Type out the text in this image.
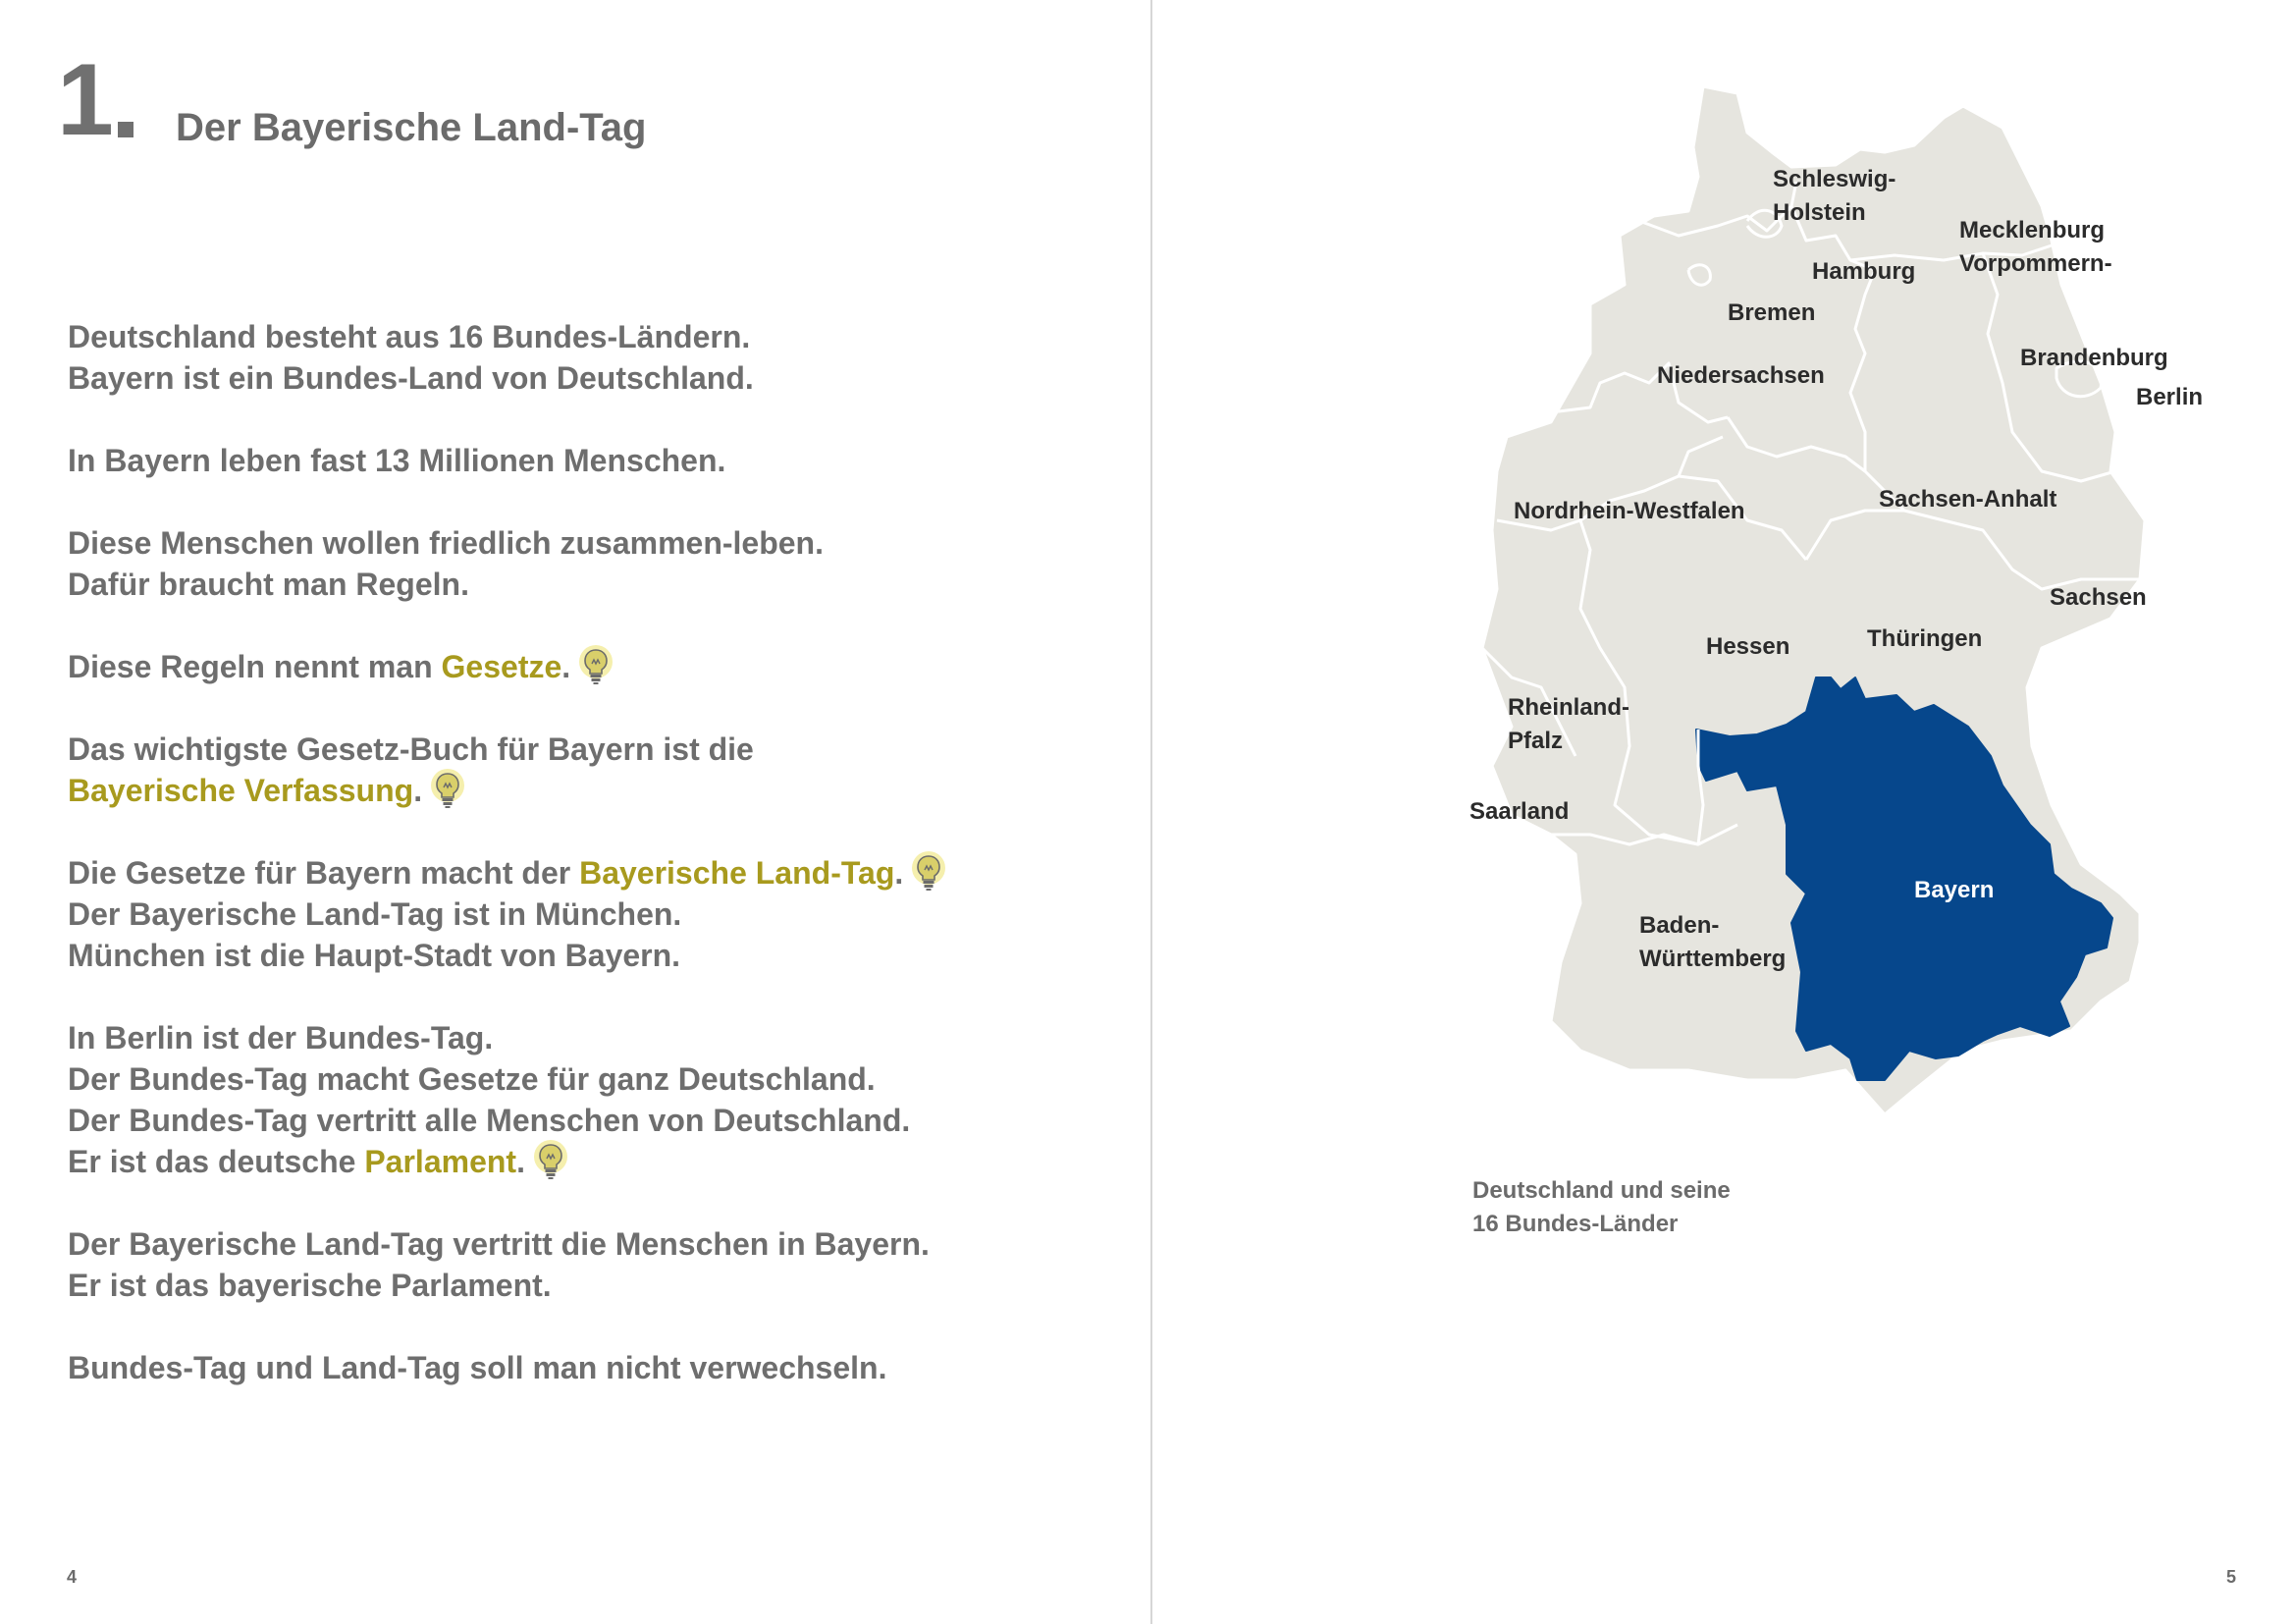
1 Der Bayerische Land-Tag
Deutschland besteht aus 16 Bundes-Ländern.
Bayern ist ein Bundes-Land von Deutschland.
In Bayern leben fast 13 Millionen Menschen.
Diese Menschen wollen friedlich zusammen-leben.
Dafür braucht man Regeln.
Diese Regeln nennt man Gesetze.
Das wichtigste Gesetz-Buch für Bayern ist die
Bayerische Verfassung.
Die Gesetze für Bayern macht der Bayerische Land-Tag.
Der Bayerische Land-Tag ist in München.
München ist die Haupt-Stadt von Bayern.
In Berlin ist der Bundes-Tag.
Der Bundes-Tag macht Gesetze für ganz Deutschland.
Der Bundes-Tag vertritt alle Menschen von Deutschland.
Er ist das deutsche Parlament.
Der Bayerische Land-Tag vertritt die Menschen in Bayern.
Er ist das bayerische Parlament.
Bundes-Tag und Land-Tag soll man nicht verwechseln.
4
Schleswig-
Holstein
Hamburg
Mecklenburg
Vorpommern-
Bremen
Niedersachsen
Brandenburg
Berlin
Nordrhein-Westfalen	Sachsen-Anhalt
Sachsen
Hessen	Thüringen
Rheinland-
Pfalz
Saarland
Bayern
Baden-
Württemberg
Deutschland und seine
16 Bundes-Länder
5
